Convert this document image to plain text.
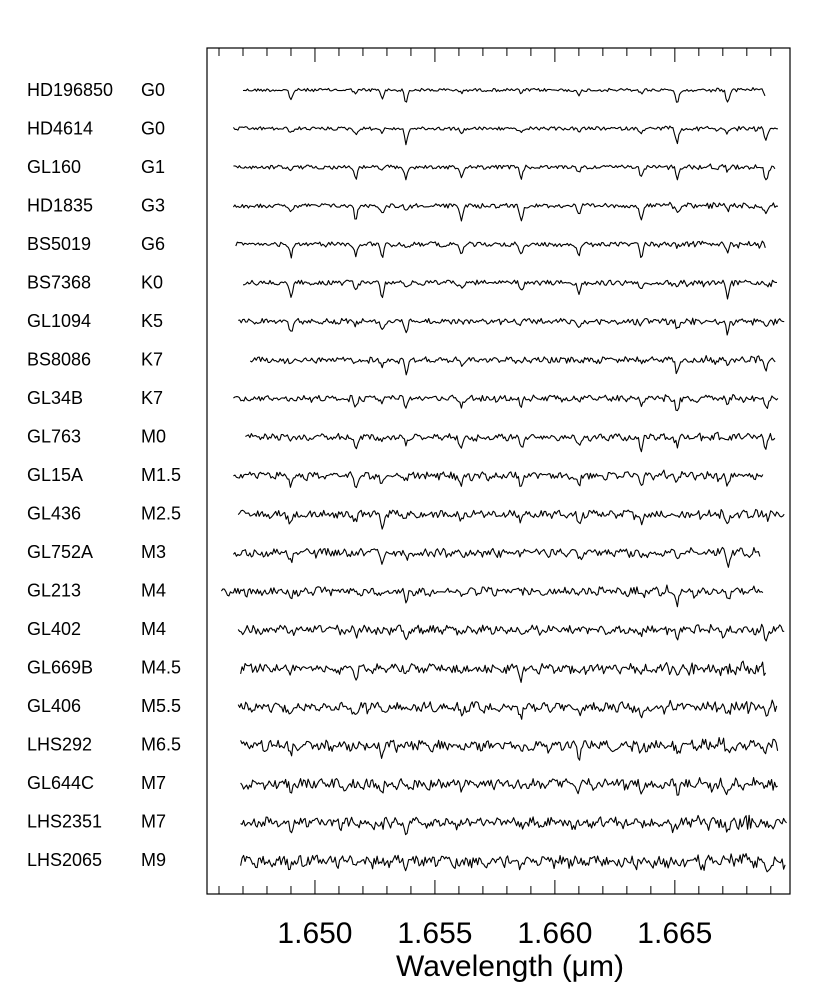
1.650 1.655 1.660 1.665
HD196850 G0
HD4614	G0
GL160	G1
HD1835	G3
BS5019	G6
BS7368	K0
GL1094	K5
BS8086	K7
GL34B	K7
GL763	M0
GL15A	M1.5
GL436	M2.5
GL752A	M3
GL213	M4
GL402	M4
GL669B	M4.5
GL406	M5.5
LHS292	M6.5
GL644C	M7
LHS2351 M7
LHS2065 M9
Wavelength (μm)
